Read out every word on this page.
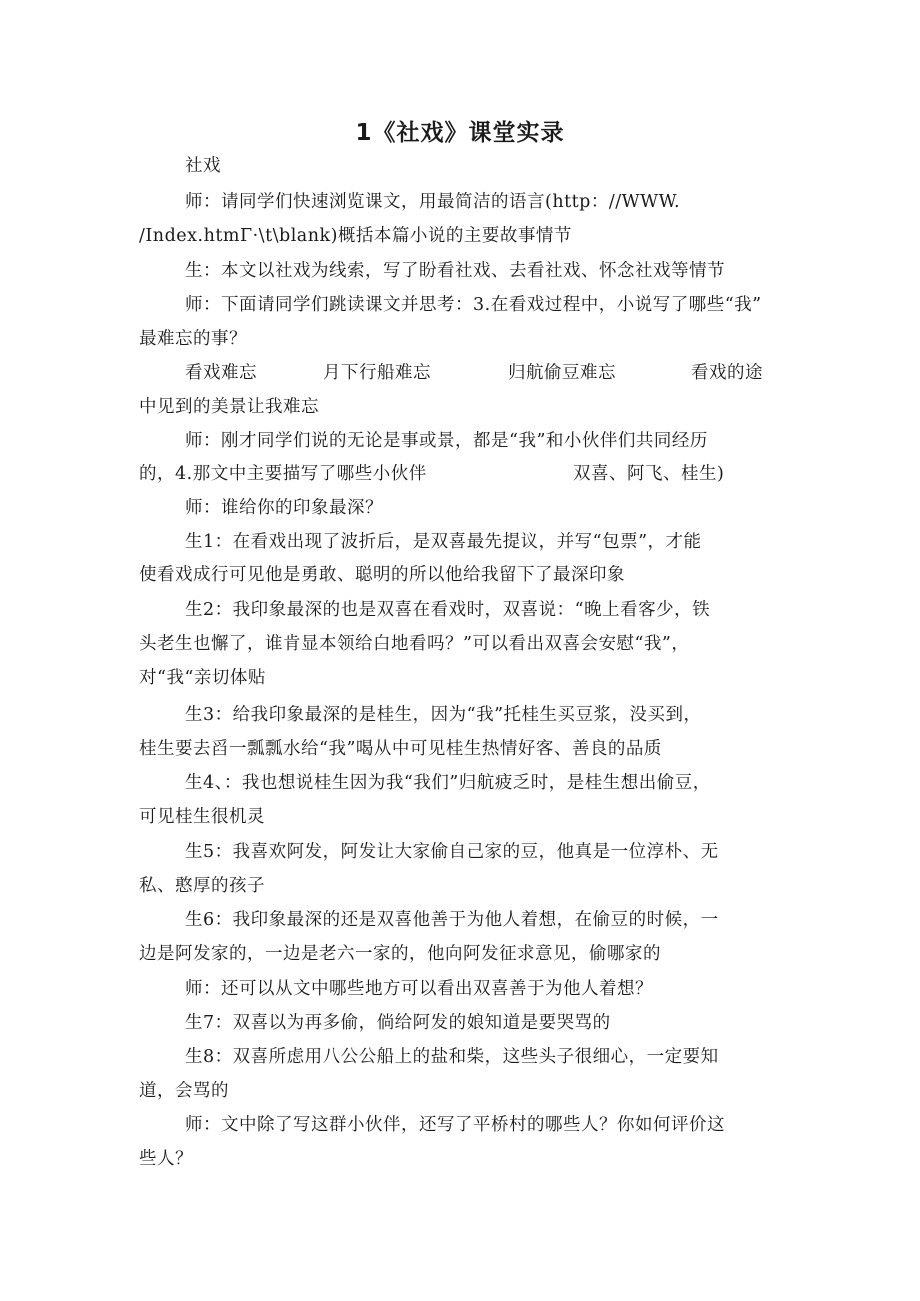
1《社戏》课堂实录
社戏
师：请同学们快速浏览课文，用最简洁的语言(http：//WWW.
/Index.htmΓ·\t\blank)概括本篇小说的主要故事情节
生：本文以社戏为线索，写了盼看社戏、去看社戏、怀念社戏等情节
师：下面请同学们跳读课文并思考：3.在看戏过程中，小说写了哪些“我”
最难忘的事？
看戏难忘	月下行船难忘	归航偷豆难忘	看戏的途
中见到的美景让我难忘
师：刚才同学们说的无论是事或景，都是“我”和小伙伴们共同经历
的，4.那文中主要描写了哪些小伙伴	双喜、阿飞、桂生)
师：谁给你的印象最深？
生1：在看戏出现了波折后，是双喜最先提议，并写“包票”，才能
使看戏成行可见他是勇敢、聪明的所以他给我留下了最深印象
生2：我印象最深的也是双喜在看戏时，双喜说：“晚上看客少，铁
头老生也懈了，谁肯显本领给白地看吗？”可以看出双喜会安慰“我”，
对“我“亲切体贴
生3：给我印象最深的是桂生，因为“我”托桂生买豆浆，没买到，
桂生要去舀一瓢瓢水给“我”喝从中可见桂生热情好客、善良的品质
生4、：我也想说桂生因为我“我们”归航疲乏时，是桂生想出偷豆，
可见桂生很机灵
生5：我喜欢阿发，阿发让大家偷自己家的豆，他真是一位淳朴、无
私、憨厚的孩子
生6：我印象最深的还是双喜他善于为他人着想，在偷豆的时候，一
边是阿发家的，一边是老六一家的，他向阿发征求意见，偷哪家的
师：还可以从文中哪些地方可以看出双喜善于为他人着想？
生7：双喜以为再多偷，倘给阿发的娘知道是要哭骂的
生8：双喜所虑用八公公船上的盐和柴，这些头子很细心，一定要知
道，会骂的
师：文中除了写这群小伙伴，还写了平桥村的哪些人？你如何评价这
些人？
